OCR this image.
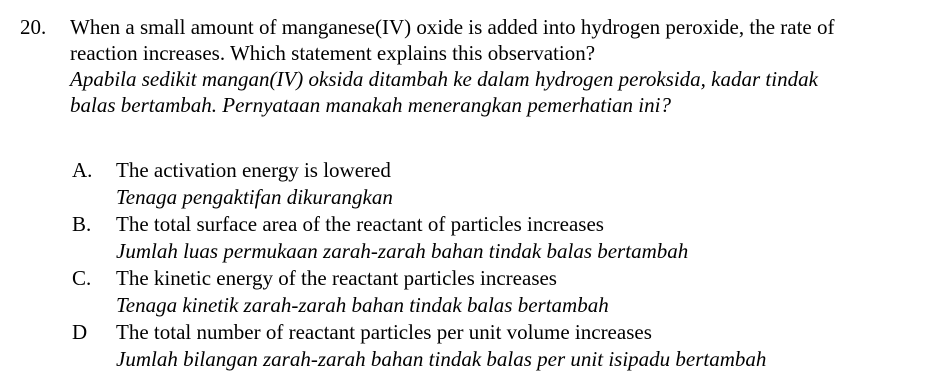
20. When a small amount of manganese(IV) oxide is added into hydrogen peroxide, the rate of
reaction increases. Which statement explains this observation?
Apabila sedikit mangan(IV) oksida ditambah ke dalam hydrogen peroksida, kadar tindak
balas bertambah. Pernyataan manakah menerangkan pemerhatian ini?
A. The activation energy is lowered
Tenaga pengaktifan dikurangkan
B. The total surface area of the reactant of particles increases
Jumlah luas permukaan zarah-zarah bahan tindak balas bertambah
C. The kinetic energy of the reactant particles increases
Tenaga kinetik zarah-zarah bahan tindak balas bertambah
D The total number of reactant particles per unit volume increases
Jumlah bilangan zarah-zarah bahan tindak balas per unit isipadu bertambah
